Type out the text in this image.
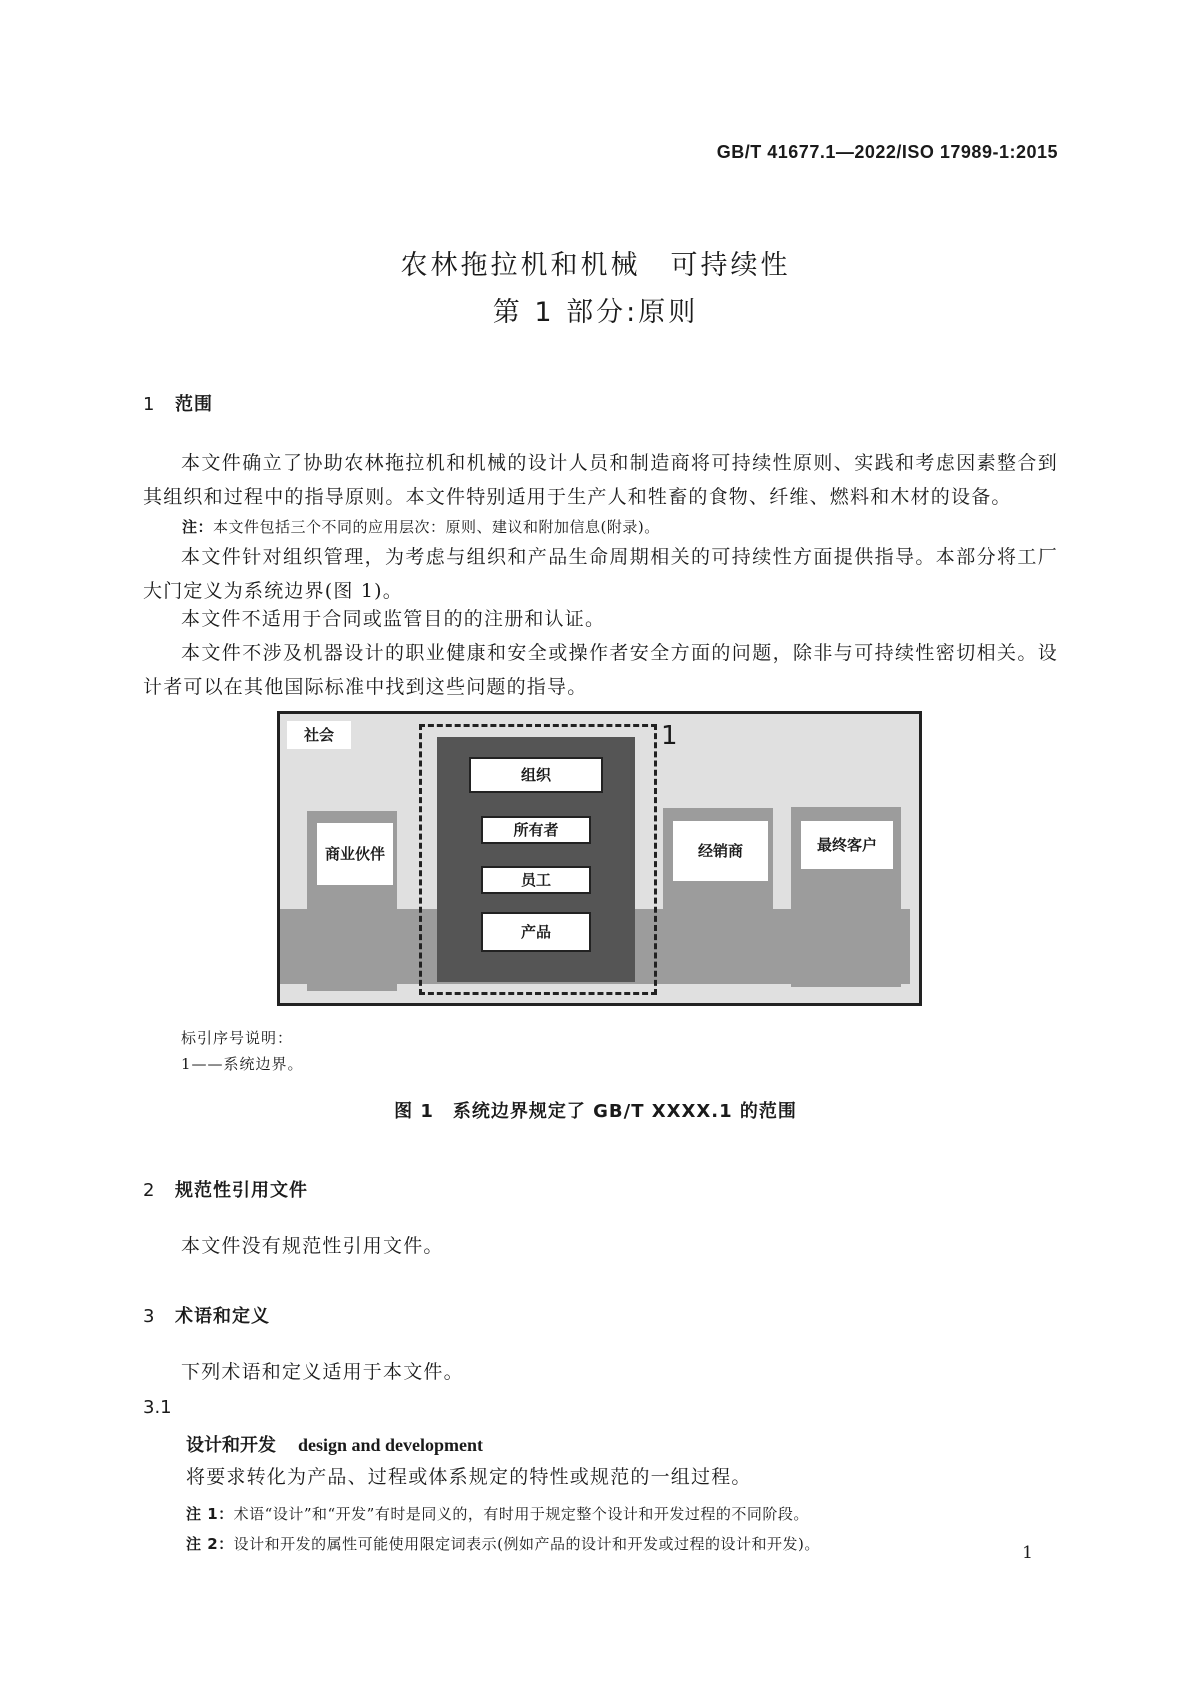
GB/T 41677.1—2022/ISO 17989-1:2015
农林拖拉机和机械　可持续性
第 1 部分:原则
1 范围
本文件确立了协助农林拖拉机和机械的设计人员和制造商将可持续性原则、实践和考虑因素整合到其组织和过程中的指导原则。本文件特别适用于生产人和牲畜的食物、纤维、燃料和木材的设备。
注：本文件包括三个不同的应用层次：原则、建议和附加信息(附录)。
本文件针对组织管理，为考虑与组织和产品生命周期相关的可持续性方面提供指导。本部分将工厂大门定义为系统边界(图 1)。
本文件不适用于合同或监管目的的注册和认证。
本文件不涉及机器设计的职业健康和安全或操作者安全方面的问题，除非与可持续性密切相关。设计者可以在其他国际标准中找到这些问题的指导。
社会
商业伙伴	经销商	最终客户
组织
所有者
员工
产品
1
标引序号说明：
1——系统边界。
图 1　系统边界规定了 GB/T XXXX.1 的范围
2 规范性引用文件
本文件没有规范性引用文件。
3 术语和定义
下列术语和定义适用于本文件。
3.1
设计和开发 design and development
将要求转化为产品、过程或体系规定的特性或规范的一组过程。
注 1：术语“设计”和“开发”有时是同义的，有时用于规定整个设计和开发过程的不同阶段。
注 2：设计和开发的属性可能使用限定词表示(例如产品的设计和开发或过程的设计和开发)。	1
